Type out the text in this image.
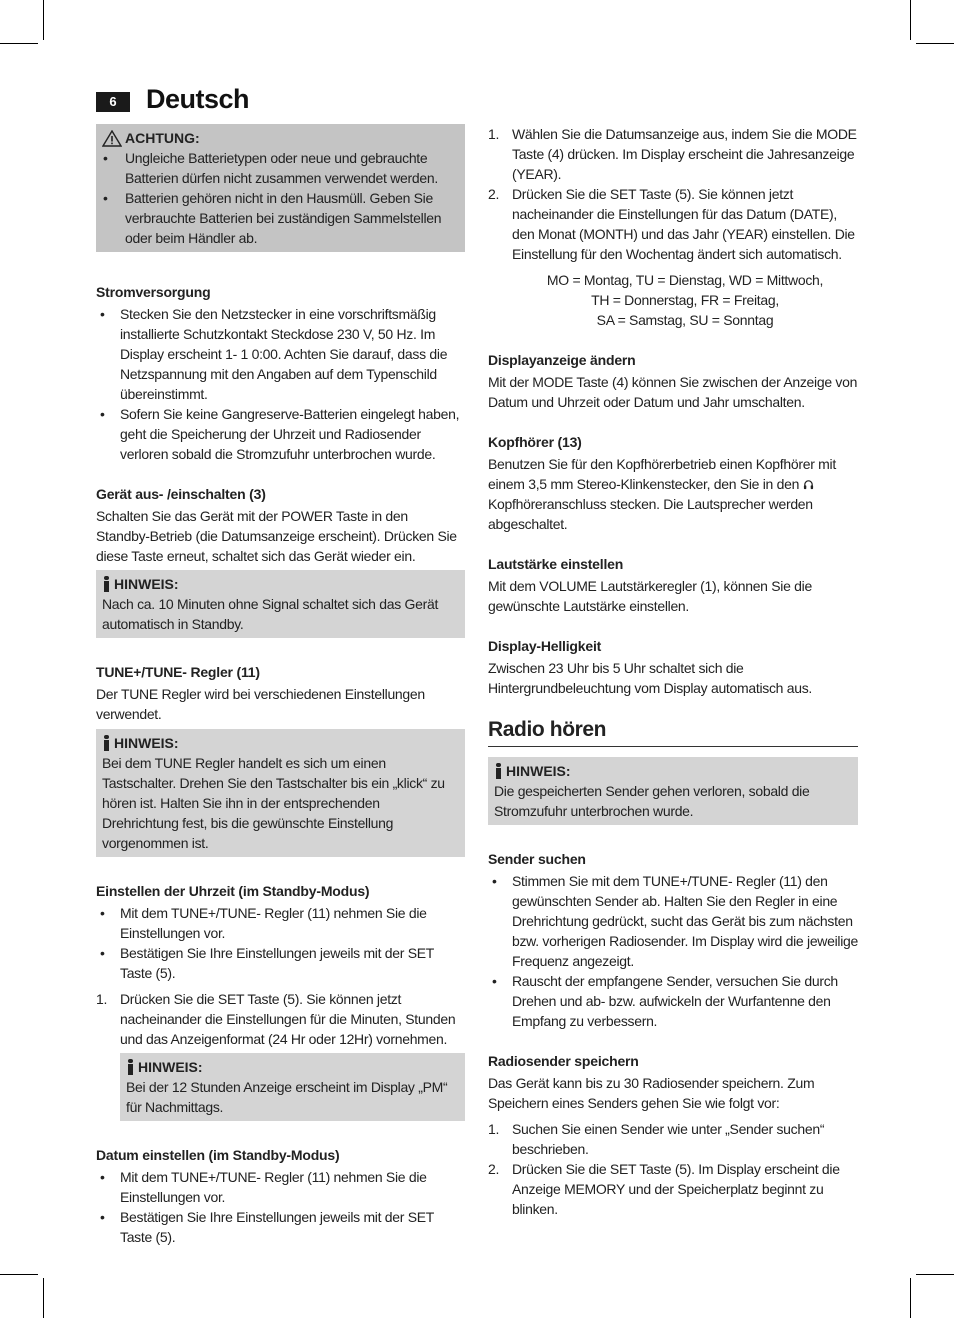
6	Deutsch
ACHTUNG:
• Ungleiche Batterietypen oder neue und gebrauchte Batterien dürfen nicht zusammen verwendet werden.
• Batterien gehören nicht in den Hausmüll. Geben Sie verbrauchte Batterien bei zuständigen Sammelstellen oder beim Händler ab.
Stromversorgung
• Stecken Sie den Netzstecker in eine vorschriftsmäßig installierte Schutzkontakt Steckdose 230 V, 50 Hz. Im Display erscheint 1- 1 0:00. Achten Sie darauf, dass die Netzspannung mit den Angaben auf dem Typenschild übereinstimmt.
• Sofern Sie keine Gangreserve-Batterien eingelegt haben, geht die Speicherung der Uhrzeit und Radiosender verloren sobald die Stromzufuhr unterbrochen wurde.
Gerät aus- /einschalten (3)

Schalten Sie das Gerät mit der POWER Taste in den Standby-Betrieb (die Datumsanzeige erscheint). Drücken Sie diese Taste erneut, schaltet sich das Gerät wieder ein.

HINWEIS:

Nach ca. 10 Minuten ohne Signal schaltet sich das Gerät automatisch in Standby.

TUNE+/TUNE- Regler (11)

Der TUNE Regler wird bei verschiedenen Einstellungen verwendet.

HINWEIS:

Bei dem TUNE Regler handelt es sich um einen Tastschalter. Drehen Sie den Tastschalter bis ein „klick“ zu hören ist. Halten Sie ihn in der entsprechenden Drehrichtung fest, bis die gewünschte Einstellung vorgenommen ist.

Einstellen der Uhrzeit (im Standby-Modus)
• Mit dem TUNE+/TUNE- Regler (11) nehmen Sie die Einstellungen vor.
• Bestätigen Sie Ihre Einstellungen jeweils mit der SET Taste (5).
1. Drücken Sie die SET Taste (5). Sie können jetzt nacheinander die Einstellungen für die Minuten, Stunden und das Anzeigenformat (24 Hr oder 12Hr) vornehmen.
HINWEIS:

Bei der 12 Stunden Anzeige erscheint im Display „PM“ für Nachmittags.

Datum einstellen (im Standby-Modus)
• Mit dem TUNE+/TUNE- Regler (11) nehmen Sie die Einstellungen vor.
• Bestätigen Sie Ihre Einstellungen jeweils mit der SET Taste (5).
1. Wählen Sie die Datumsanzeige aus, indem Sie die MODE Taste (4) drücken. Im Display erscheint die Jahresanzeige (YEAR).
2. Drücken Sie die SET Taste (5). Sie können jetzt nacheinander die Einstellungen für das Datum (DATE), den Monat (MONTH) und das Jahr (YEAR) einstellen. Die Einstellung für den Wochentag ändert sich automatisch.

MO = Montag, TU = Dienstag, WD = Mittwoch,

TH = Donnerstag, FR = Freitag,

SA = Samstag, SU = Sonntag

Displayanzeige ändern

Mit der MODE Taste (4) können Sie zwischen der Anzeige von Datum und Uhrzeit oder Datum und Jahr umschalten.

Kopfhörer (13)

Benutzen Sie für den Kopfhörerbetrieb einen Kopfhörer mit einem 3,5 mm Stereo-Klinkenstecker, den Sie in den  Kopfhöreranschluss stecken. Die Lautsprecher werden abgeschaltet.

Lautstärke einstellen

Mit dem VOLUME Lautstärkeregler (1), können Sie die gewünschte Lautstärke einstellen.

Display-Helligkeit

Zwischen 23 Uhr bis 5 Uhr schaltet sich die Hintergrundbeleuchtung vom Display automatisch aus.

Radio hören
HINWEIS:

Die gespeicherten Sender gehen verloren, sobald die Stromzufuhr unterbrochen wurde.

Sender suchen
• Stimmen Sie mit dem TUNE+/TUNE- Regler (11) den gewünschten Sender ab. Halten Sie den Regler in eine Drehrichtung gedrückt, sucht das Gerät bis zum nächsten bzw. vorherigen Radiosender. Im Display wird die jeweilige Frequenz angezeigt.
• Rauscht der empfangene Sender, versuchen Sie durch Drehen und ab- bzw. aufwickeln der Wurfantenne den Empfang zu verbessern.
Radiosender speichern

Das Gerät kann bis zu 30 Radiosender speichern. Zum Speichern eines Senders gehen Sie wie folgt vor:

1. Suchen Sie einen Sender wie unter „Sender suchen“ beschrieben.
2. Drücken Sie die SET Taste (5). Im Display erscheint die Anzeige MEMORY und der Speicherplatz beginnt zu blinken.
